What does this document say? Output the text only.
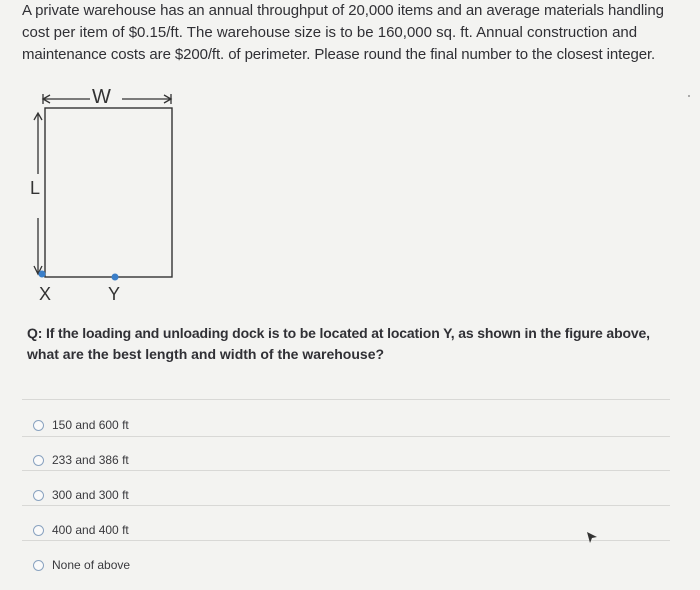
A private warehouse has an annual throughput of 20,000 items and an average materials handling

cost per item of $0.15/ft. The warehouse size is to be 160,000 sq. ft. Annual construction and

maintenance costs are $200/ft. of perimeter. Please round the final number to the closest integer.

W
L
X	Y

Q: If the loading and unloading dock is to be located at location Y, as shown in the figure above,

what are the best length and width of the warehouse?

150 and 600 ft
233 and 386 ft
300 and 300 ft
400 and 400 ft
None of above
